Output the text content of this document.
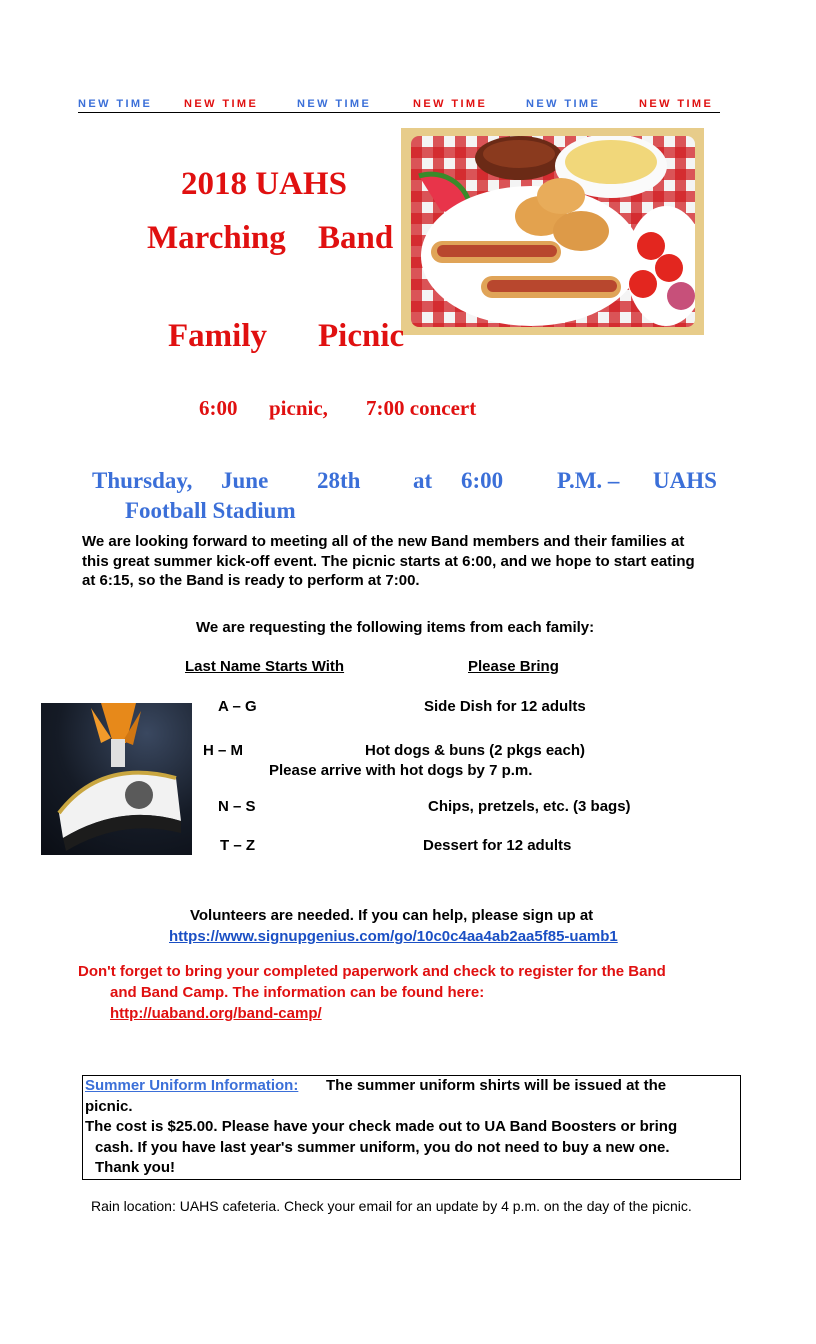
NEW TIME	NEW TIME	NEW TIME	NEW TIME	NEW TIME	NEW TIME
2018 UAHS
Marching Band
Family Picnic
6:00 picnic, 7:00 concert
Thursday, June 28th at 6:00 P.M. – UAHS
Football Stadium
We are looking forward to meeting all of the new Band members and their families at
this great summer kick-off event. The picnic starts at 6:00, and we hope to start eating
at 6:15, so the Band is ready to perform at 7:00.
We are requesting the following items from each family:
Last Name Starts With	Please Bring
A – G	Side Dish for 12 adults
H – M	Hot dogs & buns (2 pkgs each)
Please arrive with hot dogs by 7 p.m.
N – S	Chips, pretzels, etc. (3 bags)
T – Z	Dessert for 12 adults
Volunteers are needed. If you can help, please sign up at
https://www.signupgenius.com/go/10c0c4aa4ab2aa5f85-uamb1
Don't forget to bring your completed paperwork and check to register for the Band
and Band Camp. The information can be found here:
http://uaband.org/band-camp/
Summer Uniform Information: The summer uniform shirts will be issued at the
picnic.
The cost is $25.00. Please have your check made out to UA Band Boosters or bring
cash. If you have last year's summer uniform, you do not need to buy a new one.
Thank you!
Rain location: UAHS cafeteria. Check your email for an update by 4 p.m. on the day of the picnic.
